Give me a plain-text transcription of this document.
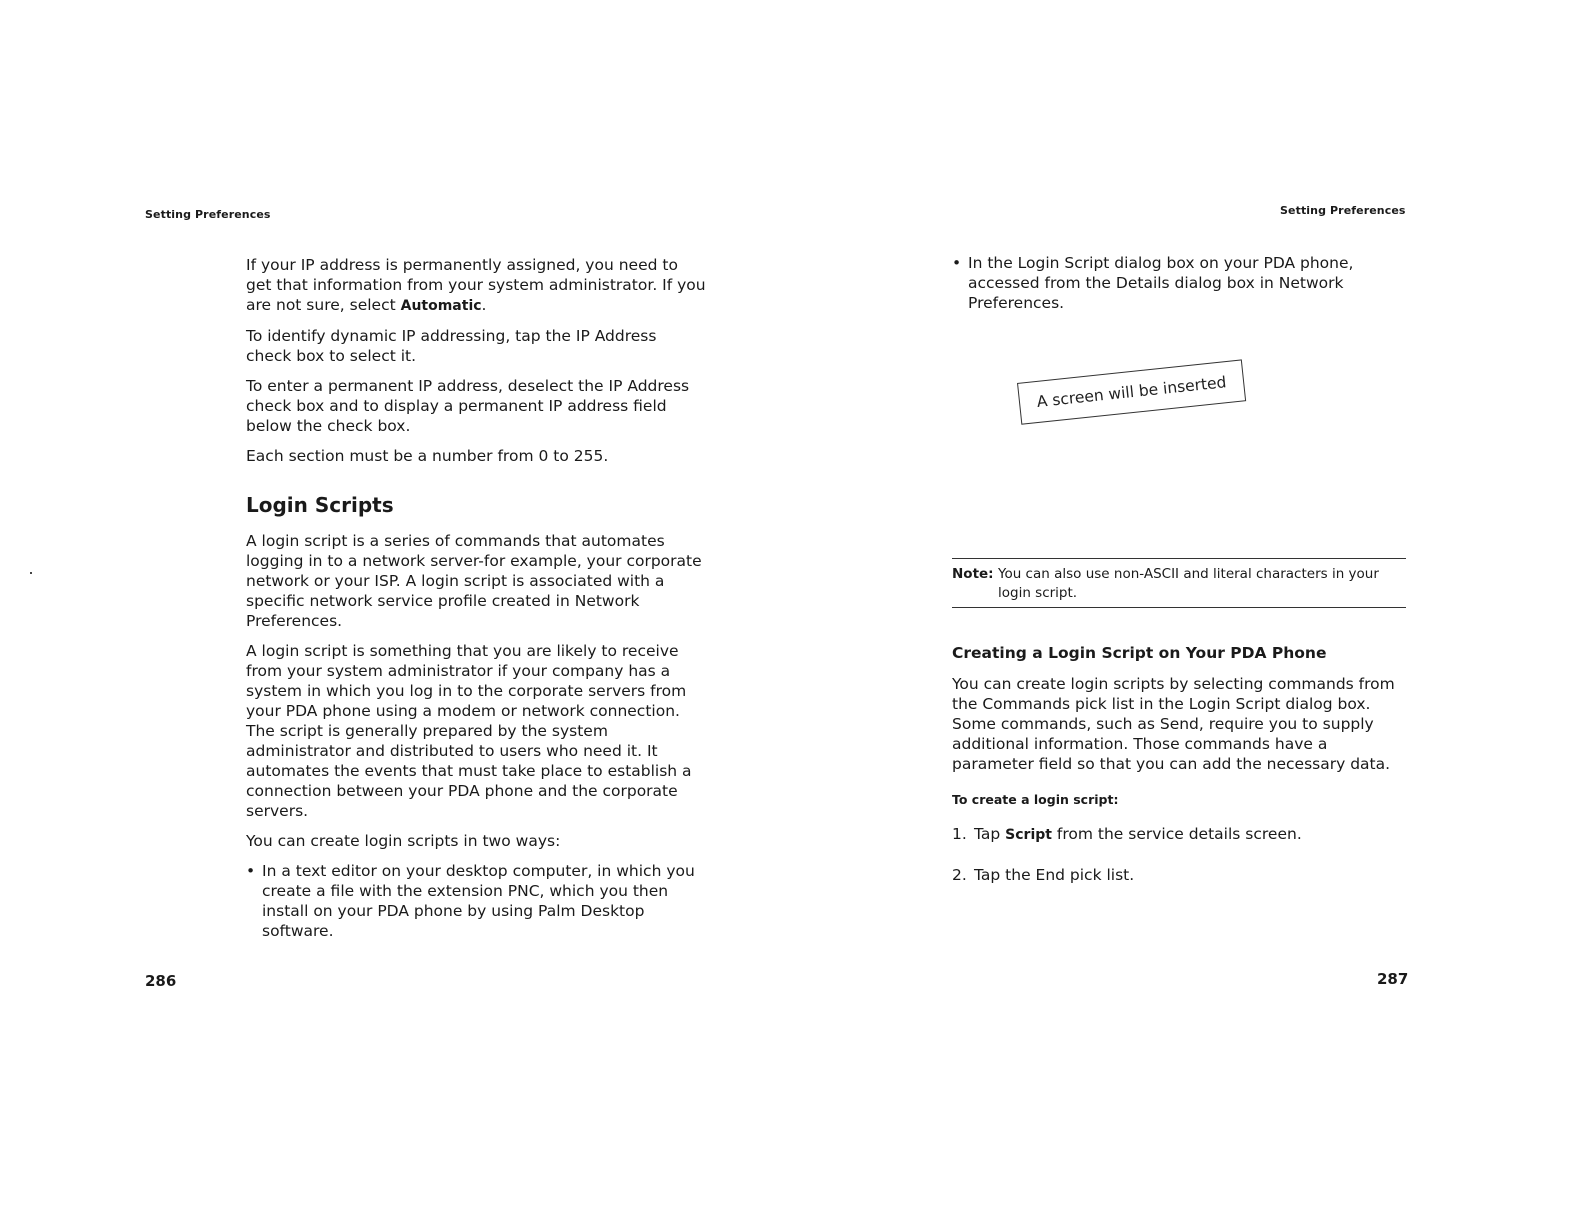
Setting Preferences

If your IP address is permanently assigned, you need to get that information from your system administrator. If you are not sure, select Automatic.

To identify dynamic IP addressing, tap the IP Address check box to select it.

To enter a permanent IP address, deselect the IP Address check box and to display a permanent IP address field below the check box.

Each section must be a number from 0 to 255.

Login Scripts

A login script is a series of commands that automates logging in to a network server-for example, your corporate network or your ISP. A login script is associated with a specific network service profile created in Network Preferences.

A login script is something that you are likely to receive from your system administrator if your company has a system in which you log in to the corporate servers from your PDA phone using a modem or network connection. The script is generally prepared by the system administrator and distributed to users who need it. It automates the events that must take place to establish a connection between your PDA phone and the corporate servers.

You can create login scripts in two ways:

• In a text editor on your desktop computer, in which you create a file with the extension PNC, which you then install on your PDA phone by using Palm Desktop software.
286
Setting Preferences
• In the Login Script dialog box on your PDA phone, accessed from the Details dialog box in Network Preferences.
A screen will be inserted
Note: You can also use non-ASCII and literal characters in your login script.
Creating a Login Script on Your PDA Phone

You can create login scripts by selecting commands from the Commands pick list in the Login Script dialog box. Some commands, such as Send, require you to supply additional information. Those commands have a parameter field so that you can add the necessary data.

To create a login script:
1. Tap Script from the service details screen.
2. Tap the End pick list.
287
